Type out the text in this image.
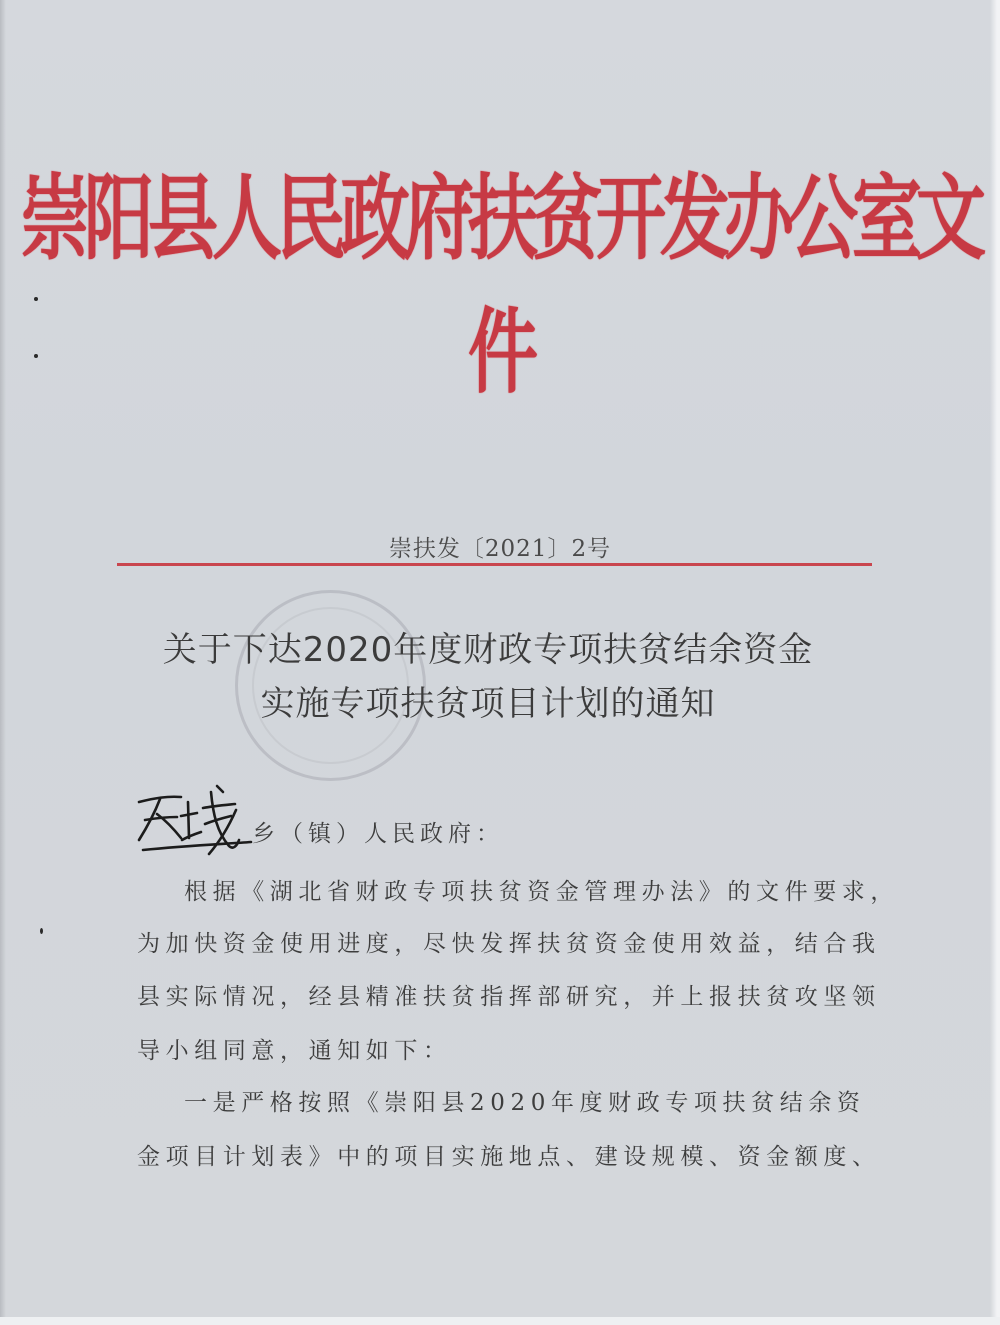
崇阳县人民政府扶贫开发办公室文件
崇扶发〔2021〕2号
关于下达2020年度财政专项扶贫结余资金
实施专项扶贫项目计划的通知
乡（镇）人民政府：
根据《湖北省财政专项扶贫资金管理办法》的文件要求，
为加快资金使用进度，尽快发挥扶贫资金使用效益，结合我
县实际情况，经县精准扶贫指挥部研究，并上报扶贫攻坚领
导小组同意，通知如下：
一是严格按照《崇阳县2020年度财政专项扶贫结余资
金项目计划表》中的项目实施地点、建设规模、资金额度、
